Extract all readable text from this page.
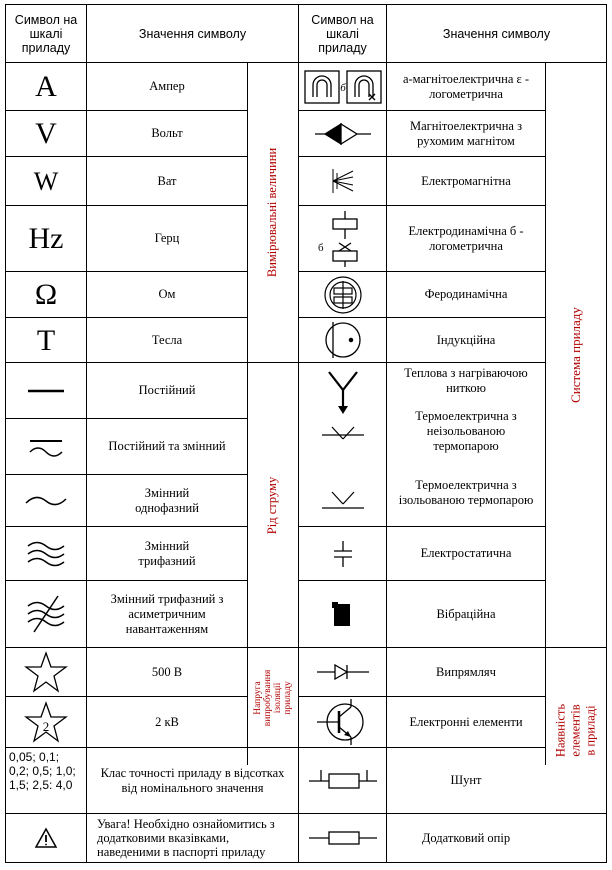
Символ на шкалі приладу
Значення символу
Символ на шкалі приладу
Значення символу
A
V
W
Hz
Ω
T
2
0,05; 0,1; 0,2; 0,5; 1,0; 1,5; 2,5: 4,0
Ампер
Вольт
Ват
Герц
Ом
Тесла
Постійний
Постійний та змінний
Змінний однофазний
Змінний трифазний
Змінний трифазний з асиметричним навантаженням
500 В
2 кВ
Клас точності приладу в відсотках від номінального значення
Увага! Необхідно ознайомитись з додатковими вказівками, наведеними в паспорті приладу
Вимірювальні величини
Рід струму
Напруга випробування ізоляції приладу
б
б
а-магнітоелектрична ε - логометрична
Магнітоелектрична з рухомим магнітом
Електромагнітна
Електродинамічна б - логометрична
Феродинамічна
Індукційна
Теплова з нагріваючою ниткою
Термоелектрична з неізольованою термопарою
Термоелектрична з ізольованою термопарою
Електростатична
Вібраційна
Випрямляч
Електронні елементи
Шунт
Додатковий опір
Система приладу
Наявність елементів в приладі
